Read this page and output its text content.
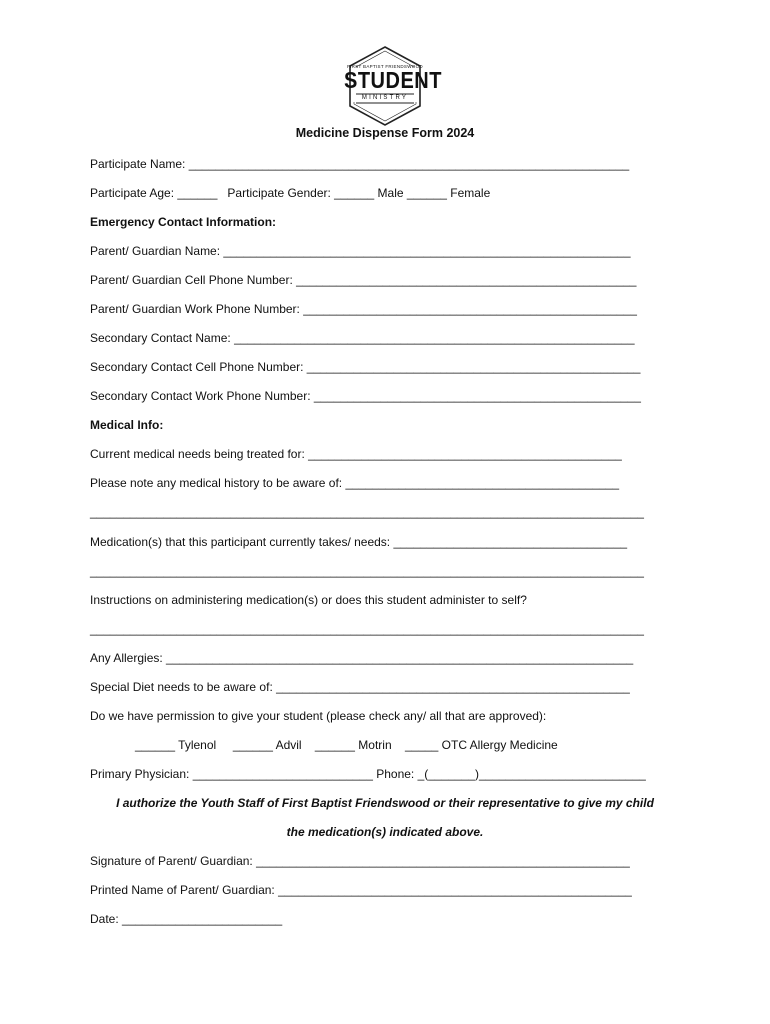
FIRST BAPTIST FRIENDSWOOD
STUDENT
MINISTRY
Medicine Dispense Form 2024
Participate Name: __________________________________________________________________
Participate Age: ______   Participate Gender: ______ Male ______ Female
Emergency Contact Information:
Parent/ Guardian Name: _____________________________________________________________
Parent/ Guardian Cell Phone Number: ___________________________________________________
Parent/ Guardian Work Phone Number: __________________________________________________
Secondary Contact Name: ____________________________________________________________
Secondary Contact Cell Phone Number: __________________________________________________
Secondary Contact Work Phone Number: _________________________________________________
Medical Info:
Current medical needs being treated for: _______________________________________________
Please note any medical history to be aware of: _________________________________________
___________________________________________________________________________________
Medication(s) that this participant currently takes/ needs: ___________________________________
___________________________________________________________________________________
Instructions on administering medication(s) or does this student administer to self?
___________________________________________________________________________________
Any Allergies: ______________________________________________________________________
Special Diet needs to be aware of: _____________________________________________________
Do we have permission to give your student (please check any/ all that are approved):
______ Tylenol     ______ Advil    ______ Motrin    _____ OTC Allergy Medicine
Primary Physician: ___________________________ Phone: _(_______)_________________________
I authorize the Youth Staff of First Baptist Friendswood or their representative to give my child
the medication(s) indicated above.
Signature of Parent/ Guardian: ________________________________________________________
Printed Name of Parent/ Guardian: _____________________________________________________
Date: ________________________
